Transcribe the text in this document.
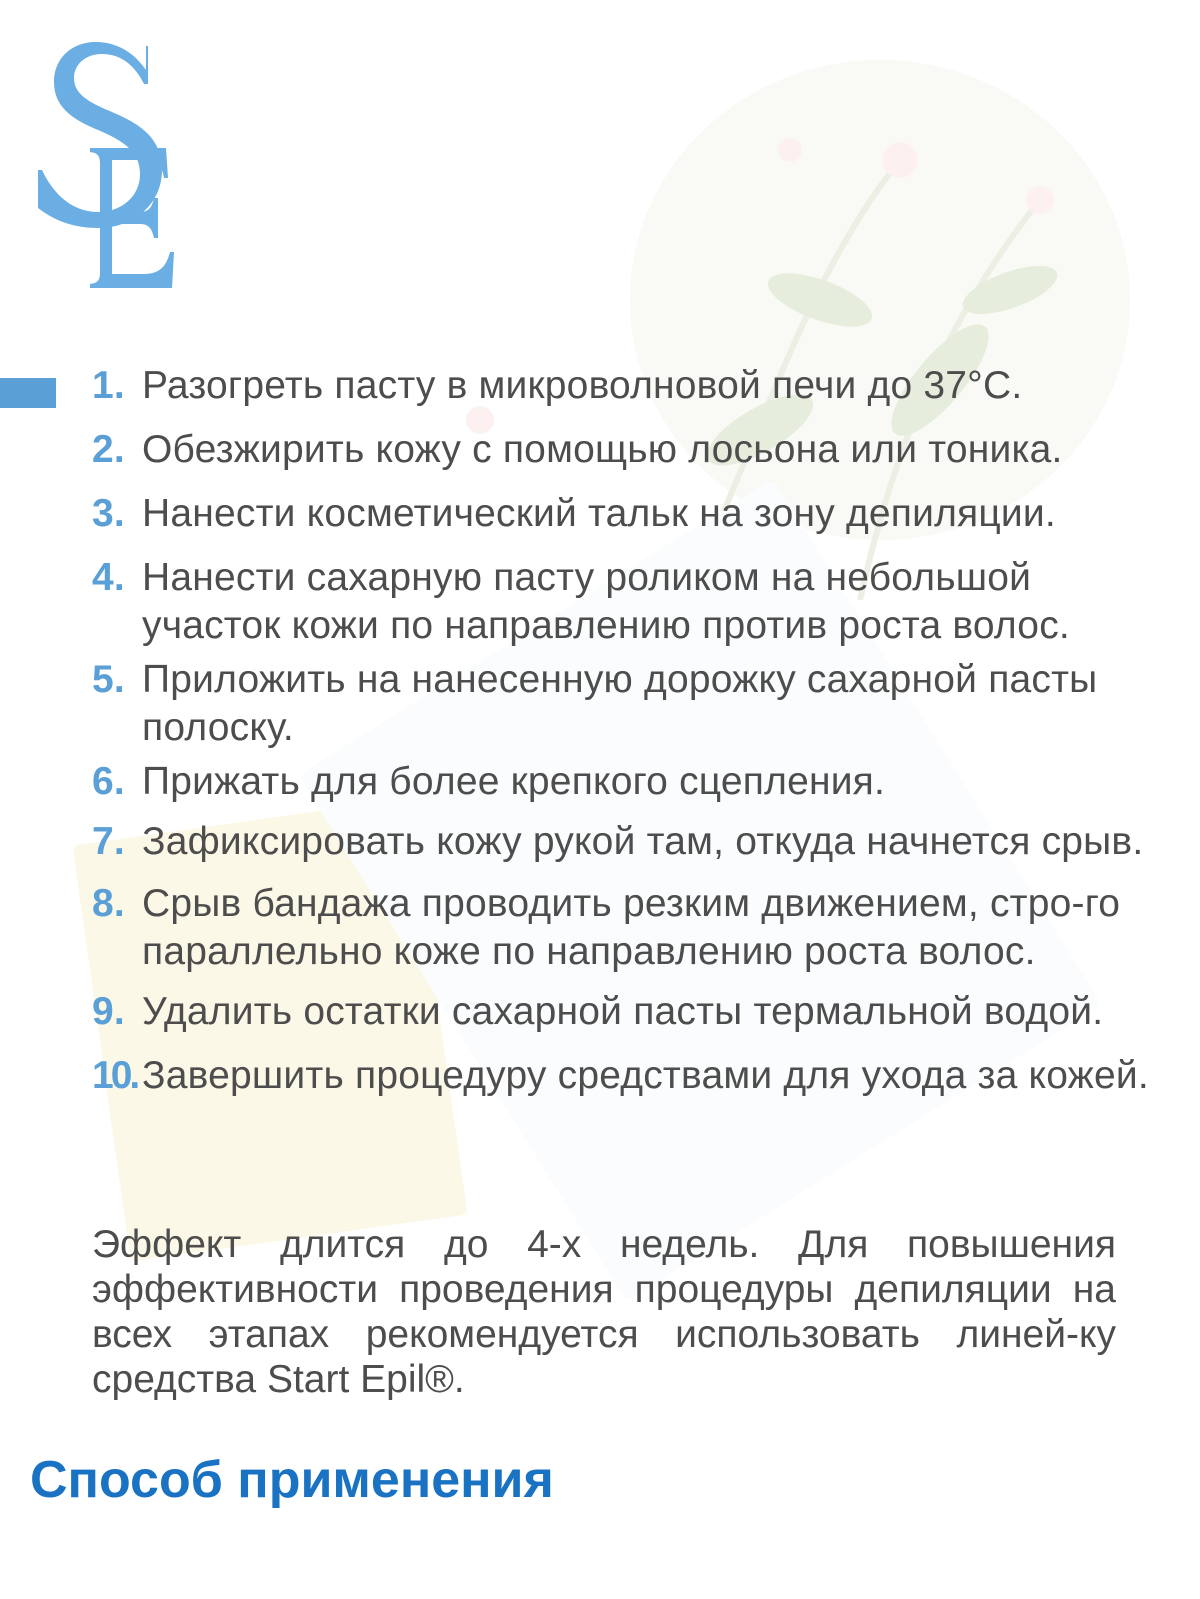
1. Разогреть пасту в микроволновой печи до 37°С.
2. Обезжирить кожу с помощью лосьона или тоника.
3. Нанести косметический тальк на зону депиляции.
4. Нанести сахарную пасту роликом на небольшой участок кожи по направлению против роста волос.
5. Приложить на нанесенную дорожку сахарной пасты полоску.
6. Прижать для более крепкого сцепления.
7. Зафиксировать кожу рукой там, откуда начнется срыв.
8. Срыв бандажа проводить резким движением, стро-го параллельно коже по направлению роста волос.
9. Удалить остатки сахарной пасты термальной водой.
10. Завершить процедуру средствами для ухода за кожей.

Эффект длится до 4-х недель. Для повышения эффективности проведения процедуры депиляции на всех этапах рекомендуется использовать линей-ку средства Start Epil®.

Способ применения
